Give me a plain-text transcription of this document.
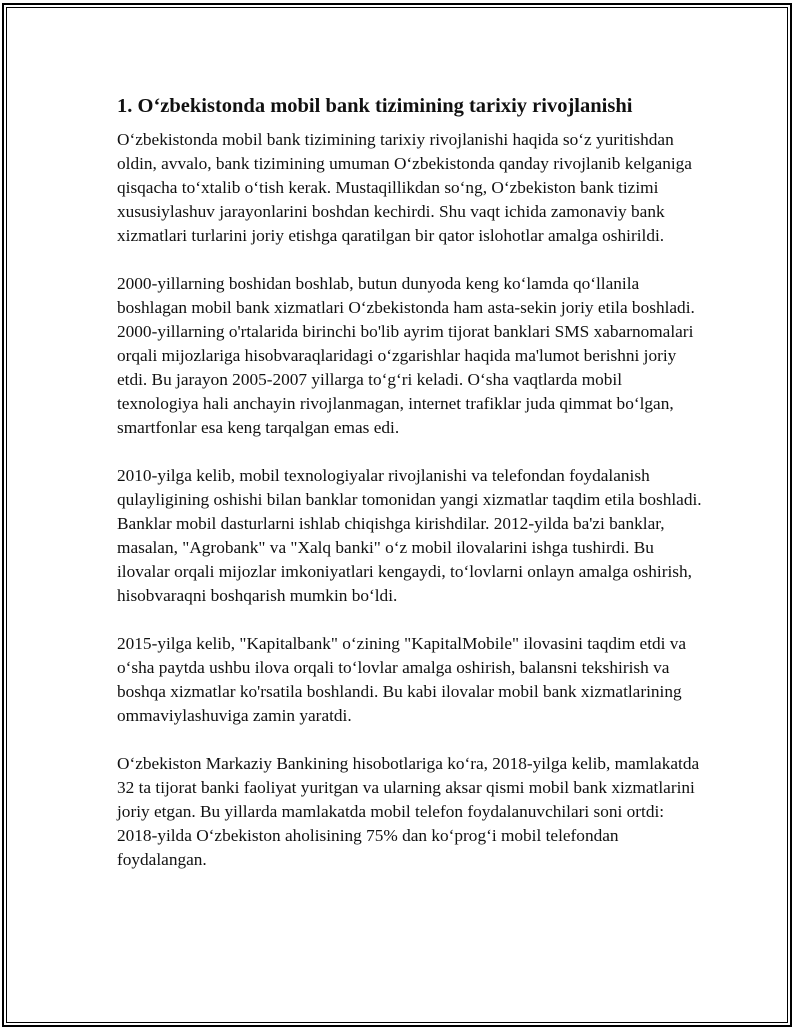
1. O‘zbekistonda mobil bank tizimining tarixiy rivojlanishi

O‘zbekistonda mobil bank tizimining tarixiy rivojlanishi haqida so‘z yuritishdan oldin, avvalo, bank tizimining umuman O‘zbekistonda qanday rivojlanib kelganiga qisqacha to‘xtalib o‘tish kerak. Mustaqillikdan so‘ng, O‘zbekiston bank tizimi xususiylashuv jarayonlarini boshdan kechirdi. Shu vaqt ichida zamonaviy bank xizmatlari turlarini joriy etishga qaratilgan bir qator islohotlar amalga oshirildi.

2000-yillarning boshidan boshlab, butun dunyoda keng ko‘lamda qo‘llanila boshlagan mobil bank xizmatlari O‘zbekistonda ham asta-sekin joriy etila boshladi. 2000-yillarning o'rtalarida birinchi bo'lib ayrim tijorat banklari SMS xabarnomalari orqali mijozlariga hisobvaraqlaridagi o‘zgarishlar haqida ma'lumot berishni joriy etdi. Bu jarayon 2005-2007 yillarga to‘g‘ri keladi. O‘sha vaqtlarda mobil texnologiya hali anchayin rivojlanmagan, internet trafiklar juda qimmat bo‘lgan, smartfonlar esa keng tarqalgan emas edi.

2010-yilga kelib, mobil texnologiyalar rivojlanishi va telefondan foydalanish qulayligining oshishi bilan banklar tomonidan yangi xizmatlar taqdim etila boshladi. Banklar mobil dasturlarni ishlab chiqishga kirishdilar. 2012-yilda ba'zi banklar, masalan, "Agrobank" va "Xalq banki" o‘z mobil ilovalarini ishga tushirdi. Bu ilovalar orqali mijozlar imkoniyatlari kengaydi, to‘lovlarni onlayn amalga oshirish, hisobvaraqni boshqarish mumkin bo‘ldi.

2015-yilga kelib, "Kapitalbank" o‘zining "KapitalMobile" ilovasini taqdim etdi va o‘sha paytda ushbu ilova orqali to‘lovlar amalga oshirish, balansni tekshirish va boshqa xizmatlar ko'rsatila boshlandi. Bu kabi ilovalar mobil bank xizmatlarining ommaviylashuviga zamin yaratdi.

O‘zbekiston Markaziy Bankining hisobotlariga ko‘ra, 2018-yilga kelib, mamlakatda 32 ta tijorat banki faoliyat yuritgan va ularning aksar qismi mobil bank xizmatlarini joriy etgan. Bu yillarda mamlakatda mobil telefon foydalanuvchilari soni ortdi: 2018-yilda O‘zbekiston aholisining 75% dan ko‘prog‘i mobil telefondan foydalangan.
